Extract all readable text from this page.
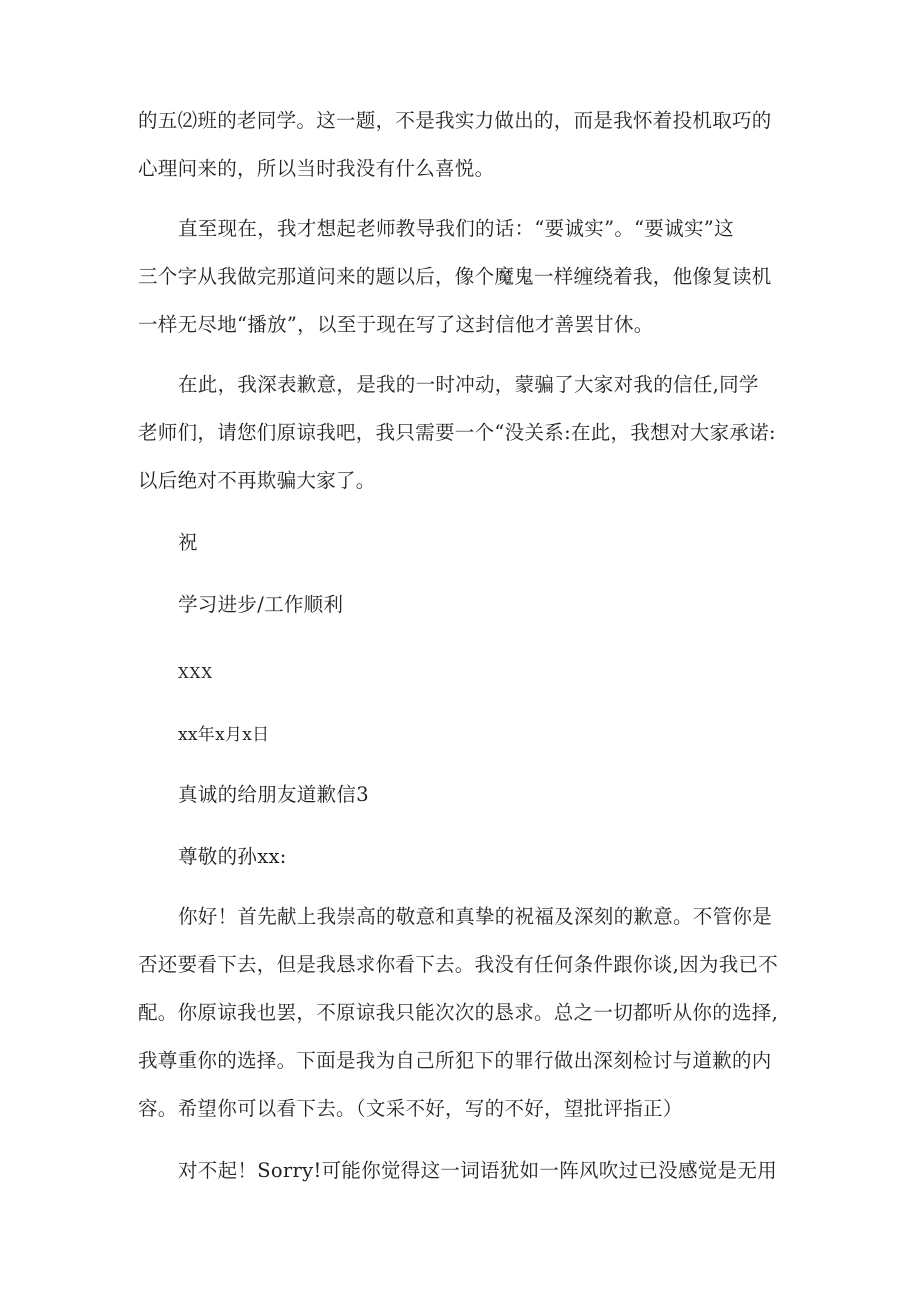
的五⑵班的老同学。这一题，不是我实力做出的，而是我怀着投机取巧的
心理问来的，所以当时我没有什么喜悦。
直至现在，我才想起老师教导我们的话：“要诚实”。“要诚实”这
三个字从我做完那道问来的题以后，像个魔鬼一样缠绕着我，他像复读机
一样无尽地“播放”，以至于现在写了这封信他才善罢甘休。
在此，我深表歉意，是我的一时冲动，蒙骗了大家对我的信任,同学
老师们，请您们原谅我吧，我只需要一个“没关系:在此，我想对大家承诺:
以后绝对不再欺骗大家了。
祝
学习进步/工作顺利
XXX
xx年x月x日
真诚的给朋友道歉信3
尊敬的孙xx:
你好！首先献上我崇高的敬意和真挚的祝福及深刻的歉意。不管你是
否还要看下去，但是我恳求你看下去。我没有任何条件跟你谈,因为我已不
配。你原谅我也罢，不原谅我只能次次的恳求。总之一切都听从你的选择,
我尊重你的选择。下面是我为自己所犯下的罪行做出深刻检讨与道歉的内
容。希望你可以看下去。（文采不好，写的不好，望批评指正）
对不起！Sorry!可能你觉得这一词语犹如一阵风吹过已没感觉是无用
